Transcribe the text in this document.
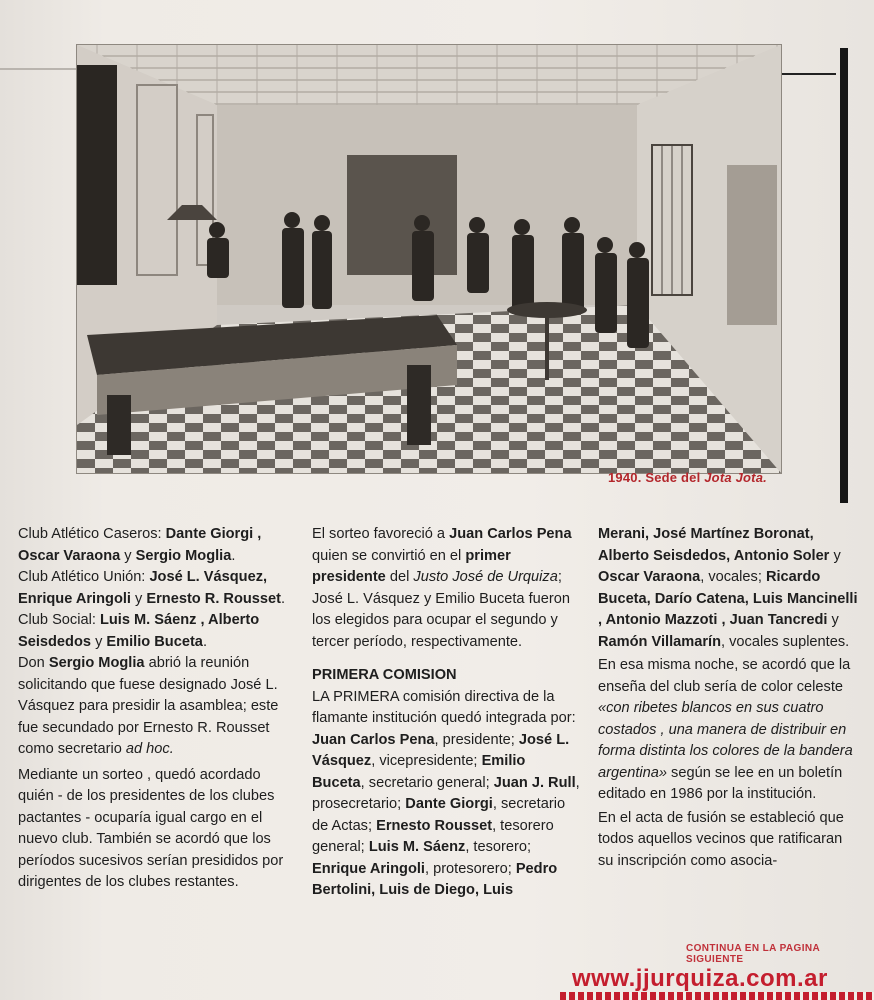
1940. Sede del Jota Jota.

Club Atlético Caseros: Dante Giorgi , Oscar Varaona y Sergio Moglia.

Club Atlético Unión: José L. Vásquez, Enrique Aringoli y Ernesto R. Rousset.

Club Social: Luis M. Sáenz , Alberto Seisdedos y Emilio Buceta.

Don Sergio Moglia abrió la reunión solicitando que fuese designado José L. Vásquez para presidir la asamblea; este fue secundado por Ernesto R. Rousset como secretario ad hoc.

Mediante un sorteo , quedó acordado quién - de los presidentes de los clubes pactantes - ocuparía igual cargo en el nuevo club. También se acordó que los períodos sucesivos serían presididos por dirigentes de los clubes restantes.

El sorteo favoreció a Juan Carlos Pena quien se convirtió en el primer presidente del Justo José de Urquiza; José L. Vásquez y Emilio Buceta fueron los elegidos para ocupar el segundo y tercer período, respectivamente.

PRIMERA COMISION

LA PRIMERA comisión directiva de la flamante institución quedó integrada por: Juan Carlos Pena, presidente; José L. Vásquez, vicepresidente; Emilio Buceta, secretario general; Juan J. Rull, prosecretario; Dante Giorgi, secretario de Actas; Ernesto Rousset, tesorero general; Luis M. Sáenz, tesorero; Enrique Aringoli, protesorero; Pedro Bertolini, Luis de Diego, Luis

Merani, José Martínez Boronat, Alberto Seisdedos, Antonio Soler y Oscar Varaona, vocales; Ricardo Buceta, Darío Catena, Luis Mancinelli , Antonio Mazzoti , Juan Tancredi y Ramón Villamarín, vocales suplentes.

En esa misma noche, se acordó que la enseña del club sería de color celeste «con ribetes blancos en sus cuatro costados , una manera de distribuir en forma distinta los colores de la bandera argentina» según se lee en un boletín editado en 1986 por la institución.

En el acta de fusión se estableció que todos aquellos vecinos que ratificaran su inscripción como asocia-

CONTINUA EN LA PAGINA SIGUIENTE
www.jjurquiza.com.ar
